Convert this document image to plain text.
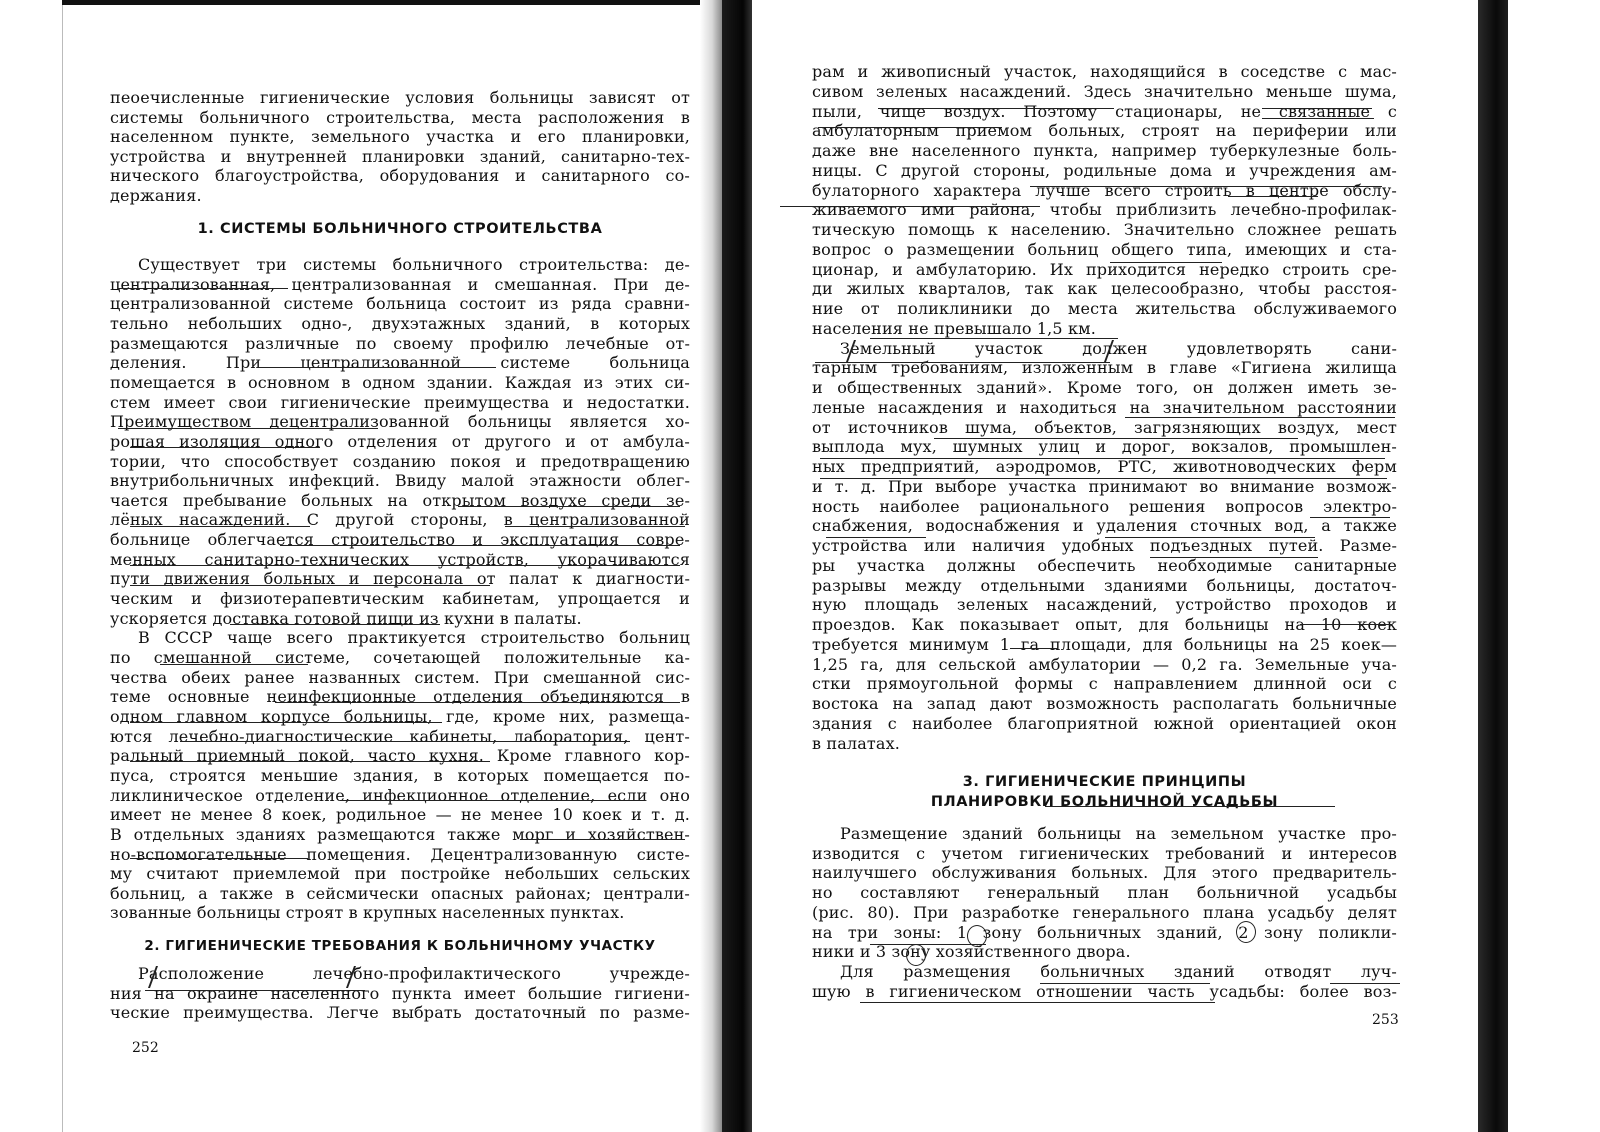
пеоечисленные гигиенические условия больницы зависят от
системы больничного строительства, места расположения в
населенном пункте, земельного участка и его планировки,
устройства и внутренней планировки зданий, санитарно-тех-
нического благоустройства, оборудования и санитарного со-
держания.
1. СИСТЕМЫ БОЛЬНИЧНОГО СТРОИТЕЛЬСТВА
Существует три системы больничного строительства: де-
централизованная, централизованная и смешанная. При де-
централизованной системе больница состоит из ряда сравни-
тельно небольших одно-, двухэтажных зданий, в которых
размещаются различные по своему профилю лечебные от-
деления. При централизованной системе больница
помещается в основном в одном здании. Каждая из этих си-
стем имеет свои гигиенические преимущества и недостатки.
Преимуществом децентрализованной больницы является хо-
рошая изоляция одного отделения от другого и от амбула-
тории, что способствует созданию покоя и предотвращению
внутрибольничных инфекций. Ввиду малой этажности облег-
чается пребывание больных на открытом воздухе среди зе-
лёных насаждений. С другой стороны, в централизованной
больнице облегчается строительство и эксплуатация совре-
менных санитарно-технических устройств, укорачиваются
пути движения больных и персонала от палат к диагности-
ческим и физиотерапевтическим кабинетам, упрощается и
ускоряется доставка готовой пищи из кухни в палаты.
В СССР чаще всего практикуется строительство больниц
по смешанной системе, сочетающей положительные ка-
чества обеих ранее названных систем. При смешанной сис-
теме основные неинфекционные отделения объединяются в
одном главном корпусе больницы, где, кроме них, размеща-
ются лечебно-диагностические кабинеты, лаборатория, цент-
ральный приемный покой, часто кухня. Кроме главного кор-
пуса, строятся меньшие здания, в которых помещается по-
ликлиническое отделение, инфекционное отделение, если оно
имеет не менее 8 коек, родильное — не менее 10 коек и т. д.
В отдельных зданиях размещаются также морг и хозяйствен-
но-вспомогательные помещения. Децентрализованную систе-
му считают приемлемой при постройке небольших сельских
больниц, а также в сейсмически опасных районах; централи-
зованные больницы строят в крупных населенных пунктах.
2. ГИГИЕНИЧЕСКИЕ ТРЕБОВАНИЯ К БОЛЬНИЧНОМУ УЧАСТКУ
Расположение лечебно-профилактического учрежде-
ния на окраине населенного пункта имеет большие гигиени-
ческие преимущества. Легче выбрать достаточный по разме-
252
рам и живописный участок, находящийся в соседстве с мас-
сивом зеленых насаждений. Здесь значительно меньше шума,
пыли, чище воздух. Поэтому стационары, не связанные с
амбулаторным приемом больных, строят на периферии или
даже вне населенного пункта, например туберкулезные боль-
ницы. С другой стороны, родильные дома и учреждения ам-
булаторного характера лучше всего строить в центре обслу-
живаемого ими района, чтобы приблизить лечебно-профилак-
тическую помощь к населению. Значительно сложнее решать
вопрос о размещении больниц общего типа, имеющих и ста-
ционар, и амбулаторию. Их приходится нередко строить сре-
ди жилых кварталов, так как целесообразно, чтобы расстоя-
ние от поликлиники до места жительства обслуживаемого
населения не превышало 1,5 км.
Земельный участок должен удовлетворять сани-
тарным требованиям, изложенным в главе «Гигиена жилища
и общественных зданий». Кроме того, он должен иметь зе-
леные насаждения и находиться на значительном расстоянии
от источников шума, объектов, загрязняющих воздух, мест
выплода мух, шумных улиц и дорог, вокзалов, промышлен-
ных предприятий, аэродромов, РТС, животноводческих ферм
и т. д. При выборе участка принимают во внимание возмож-
ность наиболее рационального решения вопросов электро-
снабжения, водоснабжения и удаления сточных вод, а также
устройства или наличия удобных подъездных путей. Разме-
ры участка должны обеспечить необходимые санитарные
разрывы между отдельными зданиями больницы, достаточ-
ную площадь зеленых насаждений, устройство проходов и
проездов. Как показывает опыт, для больницы на 10 коек
требуется минимум 1 га площади, для больницы на 25 коек—
1,25 га, для сельской амбулатории — 0,2 га. Земельные уча-
стки прямоугольной формы с направлением длинной оси с
востока на запад дают возможность располагать больничные
здания с наиболее благоприятной южной ориентацией окон
в палатах.
3. ГИГИЕНИЧЕСКИЕ ПРИНЦИПЫ
ПЛАНИРОВКИ БОЛЬНИЧНОЙ УСАДЬБЫ
Размещение зданий больницы на земельном участке про-
изводится с учетом гигиенических требований и интересов
наилучшего обслуживания больных. Для этого предваритель-
но составляют генеральный план больничной усадьбы
(рис. 80). При разработке генерального плана усадьбу делят
на три зоны: 1 зону больничных зданий, 2 зону поликли-
ники и 3 зону хозяйственного двора.
Для размещения больничных зданий отводят луч-
шую в гигиеническом отношении часть усадьбы: более воз-
253
